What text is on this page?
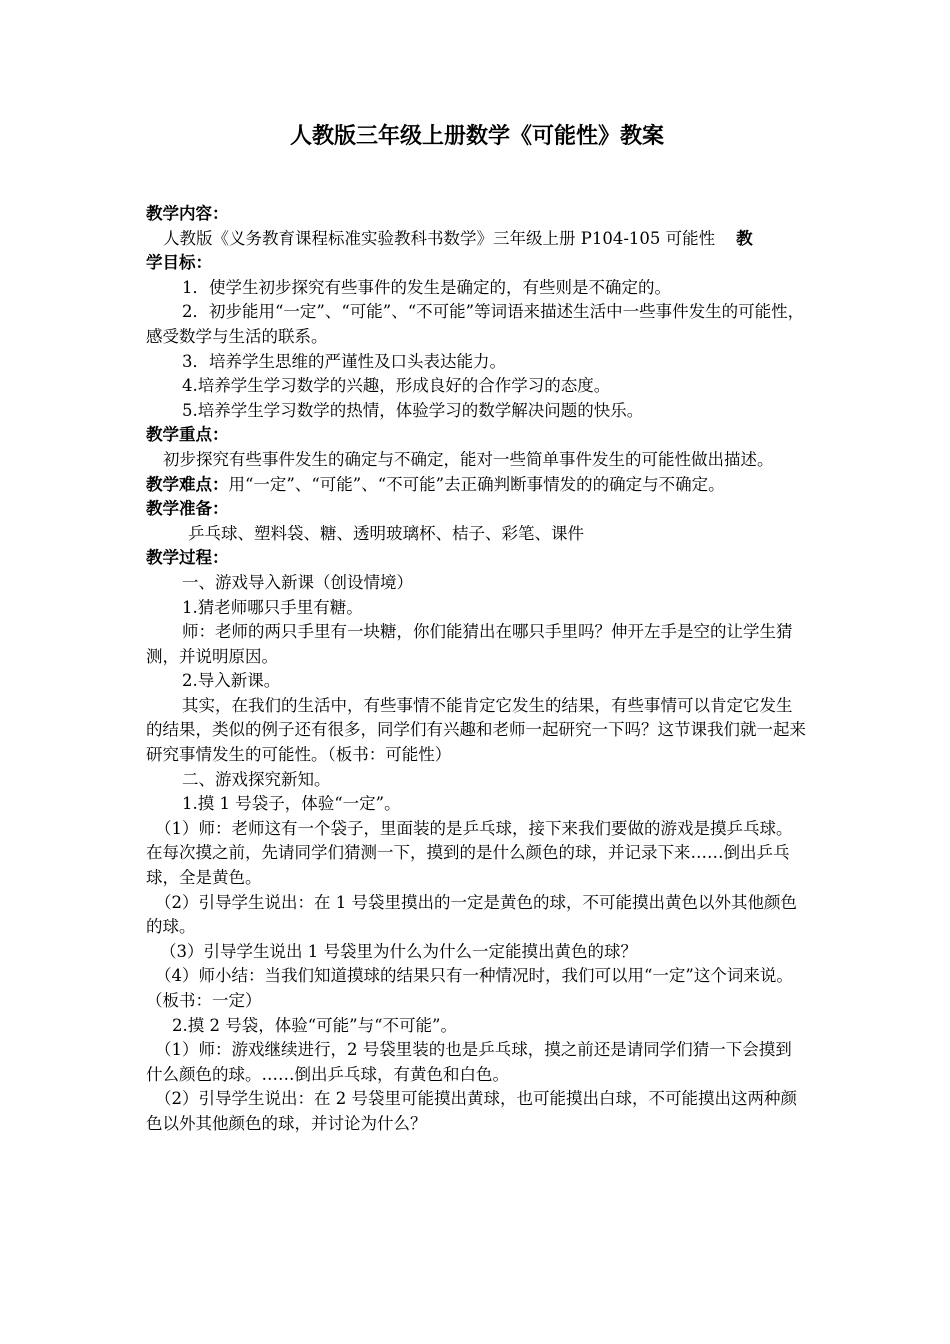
人教版三年级上册数学《可能性》教案

教学内容：

人教版《义务教育课程标准实验教科书数学》三年级上册 P104-105 可能性 教

学目标：

1．使学生初步探究有些事件的发生是确定的，有些则是不确定的。

2．初步能用“一定”、“可能”、“不可能”等词语来描述生活中一些事件发生的可能性，感受数学与生活的联系。

3．培养学生思维的严谨性及口头表达能力。

4.培养学生学习数学的兴趣，形成良好的合作学习的态度。

5.培养学生学习数学的热情，体验学习的数学解决问题的快乐。

教学重点：

初步探究有些事件发生的确定与不确定，能对一些简单事件发生的可能性做出描述。

教学难点：用“一定”、“可能”、“不可能”去正确判断事情发的的确定与不确定。

教学准备：

乒乓球、塑料袋、糖、透明玻璃杯、桔子、彩笔、课件

教学过程：

一、游戏导入新课（创设情境）

1.猜老师哪只手里有糖。

师：老师的两只手里有一块糖，你们能猜出在哪只手里吗？伸开左手是空的让学生猜测，并说明原因。

2.导入新课。

其实，在我们的生活中，有些事情不能肯定它发生的结果，有些事情可以肯定它发生的结果，类似的例子还有很多，同学们有兴趣和老师一起研究一下吗？这节课我们就一起来研究事情发生的可能性。（板书：可能性）

二、游戏探究新知。

1.摸 1 号袋子，体验“一定”。

（1）师：老师这有一个袋子，里面装的是乒乓球，接下来我们要做的游戏是摸乒乓球。在每次摸之前，先请同学们猜测一下，摸到的是什么颜色的球，并记录下来……倒出乒乓球，全是黄色。

（2）引导学生说出：在 1 号袋里摸出的一定是黄色的球，不可能摸出黄色以外其他颜色的球。

（3）引导学生说出 1 号袋里为什么为什么一定能摸出黄色的球？

（4）师小结：当我们知道摸球的结果只有一种情况时，我们可以用“一定”这个词来说。（板书：一定）

2.摸 2 号袋，体验“可能”与“不可能”。

（1）师：游戏继续进行，2 号袋里装的也是乒乓球，摸之前还是请同学们猜一下会摸到什么颜色的球。……倒出乒乓球，有黄色和白色。

（2）引导学生说出：在 2 号袋里可能摸出黄球，也可能摸出白球，不可能摸出这两种颜色以外其他颜色的球，并讨论为什么？
